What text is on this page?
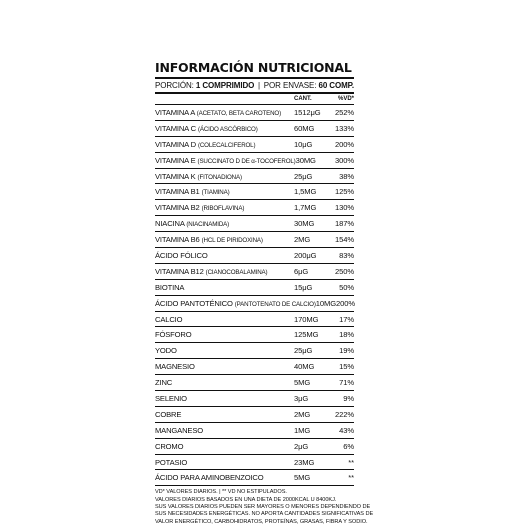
INFORMACIÓN NUTRICIONAL
PORCIÓN: 1 COMPRIMIDO | POR ENVASE: 60 COMP.
CANT.	%VD*
VITAMINA A (ACETATO, BETA CAROTENO)	1512μG	252%
VITAMINA C (ÁCIDO ASCÓRBICO)	60MG	133%
VITAMINA D (COLECALCIFEROL)	10μG	200%
VITAMINA E (SUCCINATO D DE α-TOCOFEROL) 30MG	300%
VITAMINA K (FITONADIONA)	25μG	38%
VITAMINA B1 (TIAMINA)	1,5MG	125%
VITAMINA B2 (RIBOFLAVINA)	1,7MG	130%
NIACINA (NIACINAMIDA)	30MG	187%
VITAMINA B6 (HCL DE PIRIDOXINA)	2MG	154%
ÁCIDO FÓLICO	200μG	83%
VITAMINA B12 (CIANOCOBALAMINA)	6μG	250%
BIOTINA	15μG	50%
ÁCIDO PANTOTÉNICO (PANTOTENATO DE CALCIO) 10MG 200%
CALCIO	170MG	17%
FÓSFORO	125MG	18%
YODO	25μG	19%
MAGNESIO	40MG	15%
ZINC	5MG	71%
SELENIO	3μG	9%
COBRE	2MG	222%
MANGANESO	1MG	43%
CROMO	2μG	6%
POTASIO	23MG	**
ÁCIDO PARA AMINOBENZOICO	5MG	**
VD* VALORES DIARIOS. | ** VD NO ESTIPULADOS.
VALORES DIARIOS BASADOS EN UNA DIETA DE 2000KCAL U 8400KJ.
SUS VALORES DIARIOS PUEDEN SER MAYORES O MENORES DEPENDIENDO DE
SUS NECESIDADES ENERGÉTICAS. NO APORTA CANTIDADES SIGNIFICATIVAS DE
VALOR ENERGÉTICO, CARBOHIDRATOS, PROTEÍNAS, GRASAS, FIBRA Y SODIO.
